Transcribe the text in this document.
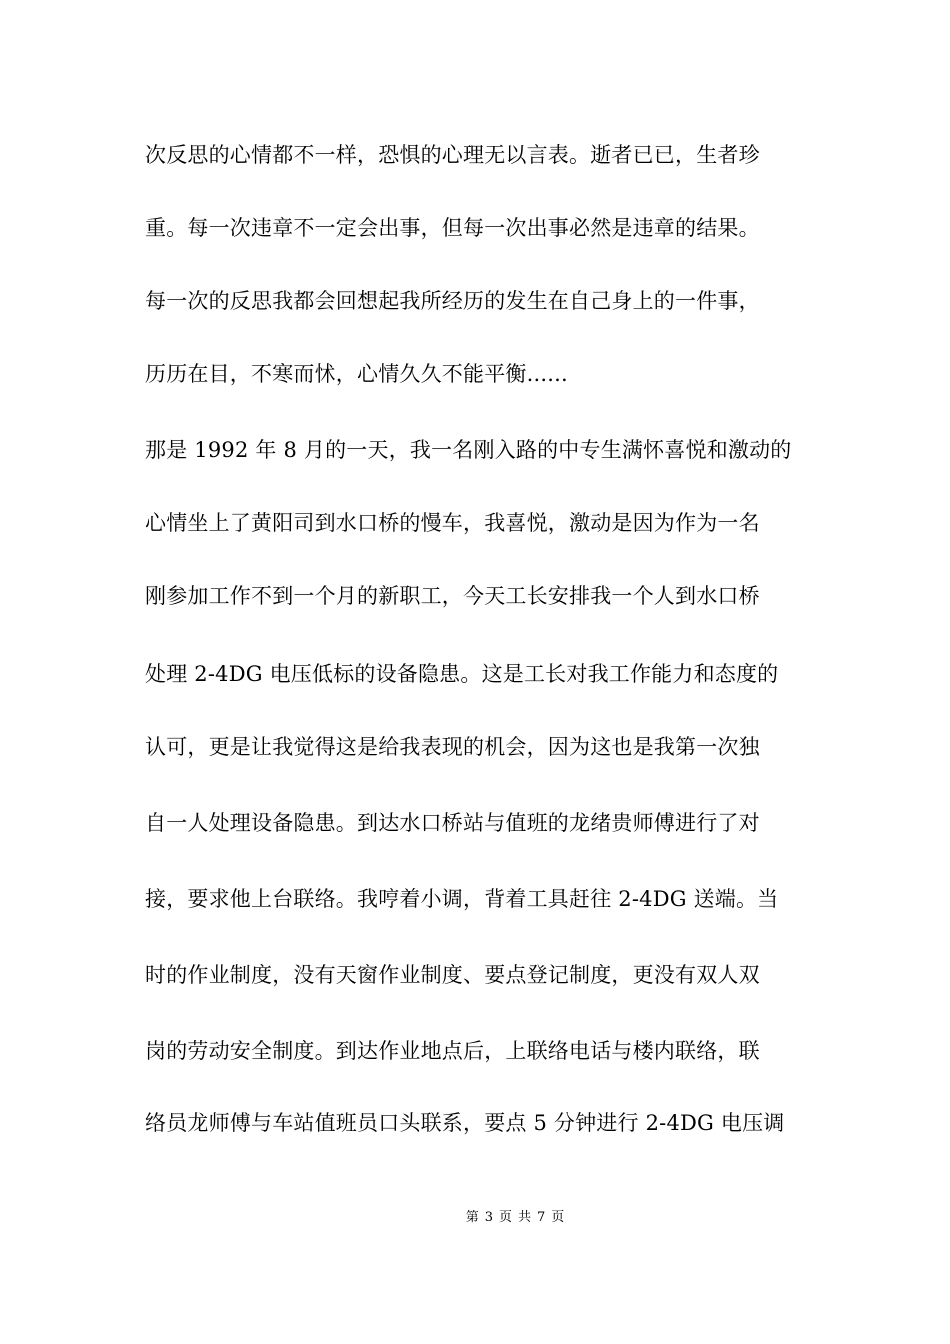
次反思的心情都不一样，恐惧的心理无以言表。逝者已已，生者珍
重。每一次违章不一定会出事，但每一次出事必然是违章的结果。
每一次的反思我都会回想起我所经历的发生在自己身上的一件事，
历历在目，不寒而怵，心情久久不能平衡......
那是 1992 年 8 月的一天，我一名刚入路的中专生满怀喜悦和激动的
心情坐上了黄阳司到水口桥的慢车，我喜悦，激动是因为作为一名
刚参加工作不到一个月的新职工，今天工长安排我一个人到水口桥
处理 2-4DG 电压低标的设备隐患。这是工长对我工作能力和态度的
认可，更是让我觉得这是给我表现的机会，因为这也是我第一次独
自一人处理设备隐患。到达水口桥站与值班的龙绪贵师傅进行了对
接，要求他上台联络。我哼着小调，背着工具赶往 2-4DG 送端。当
时的作业制度，没有天窗作业制度、要点登记制度，更没有双人双
岗的劳动安全制度。到达作业地点后，上联络电话与楼内联络，联
络员龙师傅与车站值班员口头联系，要点 5 分钟进行 2-4DG 电压调
第 3 页 共 7 页
